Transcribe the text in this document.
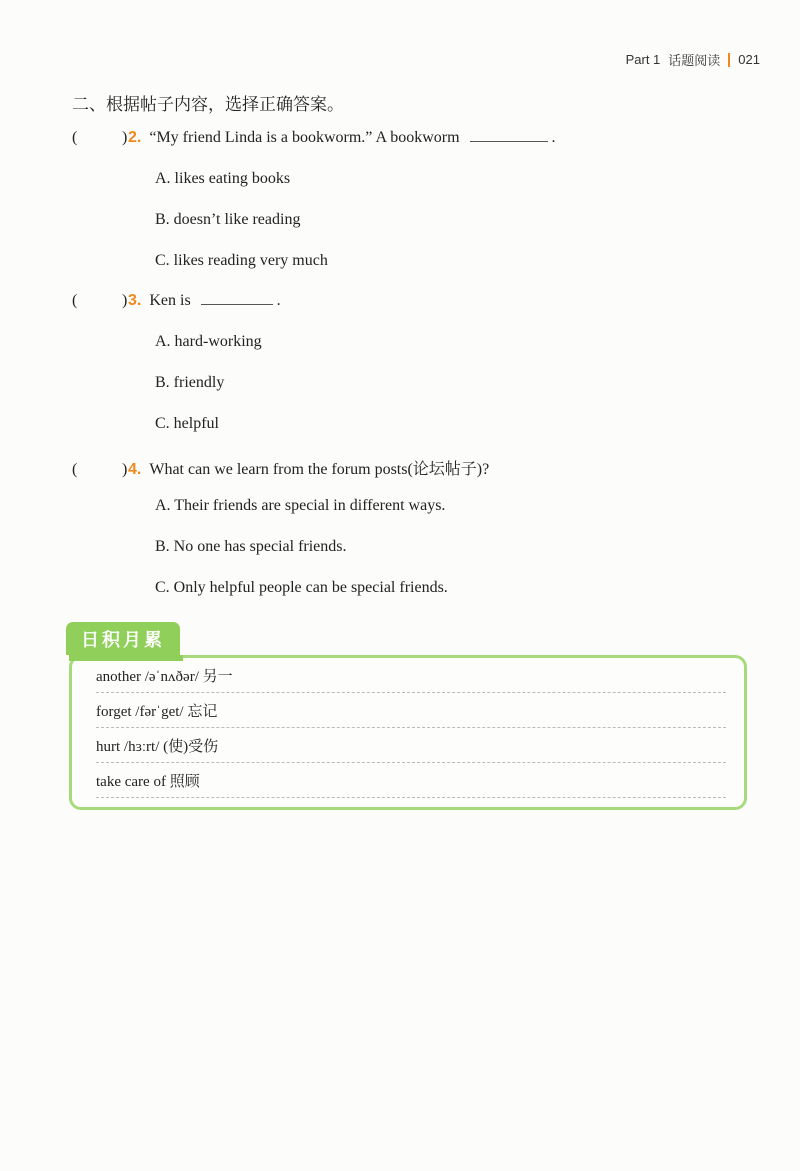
Part 1 话题阅读 021
二、根据帖子内容，选择正确答案。
(	) 2. “My friend Linda is a bookworm.” A bookworm	.
A. likes eating books
B. doesn’t like reading
C. likes reading very much
(	) 3. Ken is	.
A. hard-working
B. friendly
C. helpful
(	) 4. What can we learn from the forum posts(论坛帖子)?
A. Their friends are special in different ways.
B. No one has special friends.
C. Only helpful people can be special friends.
日积月累
another /əˈnʌðər/ 另一
forget /fərˈget/ 忘记
hurt /hɜːrt/ (使)受伤
take care of 照顾
